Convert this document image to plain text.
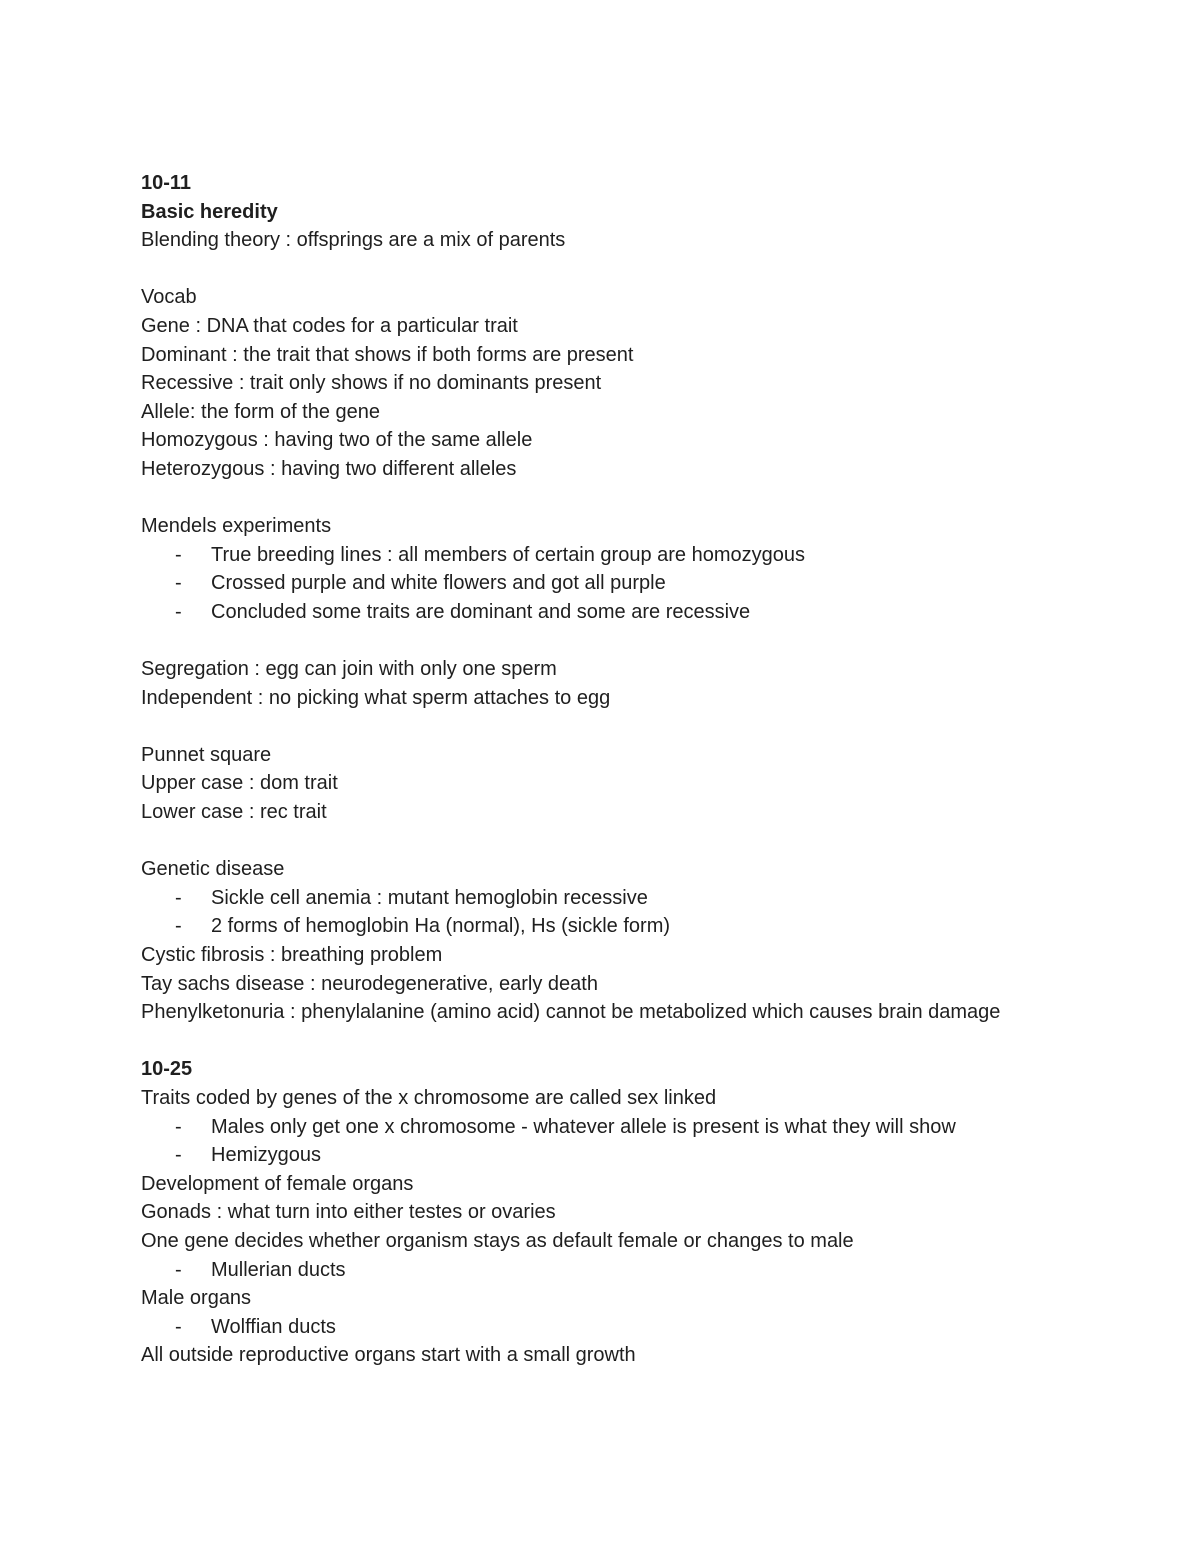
10-11
Basic heredity
Blending theory : offsprings are a mix of parents
Vocab
Gene : DNA that codes for a particular trait
Dominant : the trait that shows if both forms are present
Recessive : trait only shows if no dominants present
Allele: the form of the gene
Homozygous : having two of the same allele
Heterozygous : having two different alleles
Mendels experiments
- True breeding lines : all members of certain group are homozygous
- Crossed purple and white flowers and got all purple
- Concluded some traits are dominant and some are recessive
Segregation : egg can join with only one sperm
Independent : no picking what sperm attaches to egg
Punnet square
Upper case : dom trait
Lower case : rec trait
Genetic disease
- Sickle cell anemia : mutant hemoglobin recessive
- 2 forms of hemoglobin Ha (normal), Hs (sickle form)
Cystic fibrosis : breathing problem
Tay sachs disease : neurodegenerative, early death
Phenylketonuria : phenylalanine (amino acid) cannot be metabolized which causes brain damage
10-25
Traits coded by genes of the x chromosome are called sex linked
- Males only get one x chromosome - whatever allele is present is what they will show
- Hemizygous
Development of female organs
Gonads : what turn into either testes or ovaries
One gene decides whether organism stays as default female or changes to male
- Mullerian ducts
Male organs
- Wolffian ducts
All outside reproductive organs start with a small growth
